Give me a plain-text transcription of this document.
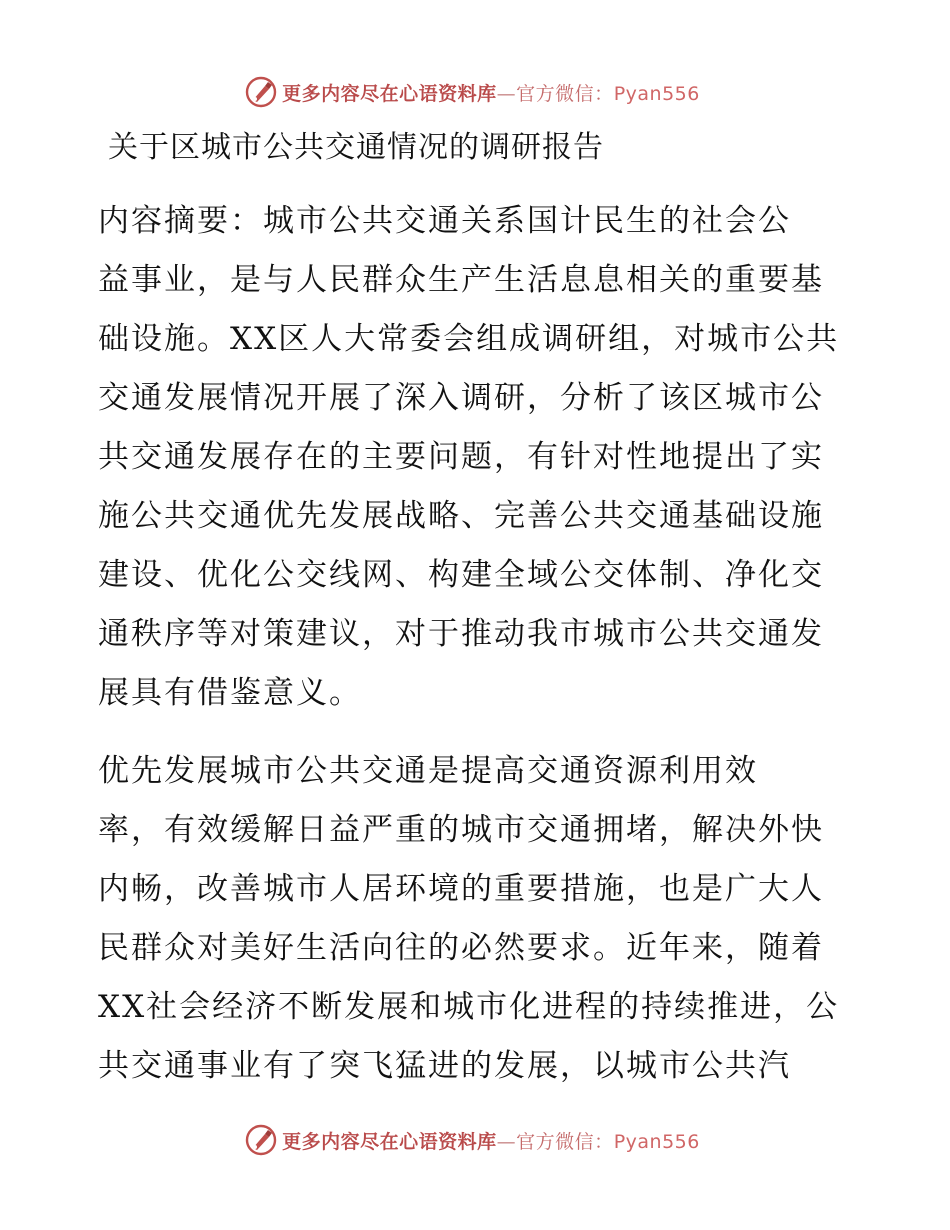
更多内容尽在心语资料库—官方微信：Pyan556
关于区城市公共交通情况的调研报告
内容摘要：城市公共交通关系国计民生的社会公
益事业，是与人民群众生产生活息息相关的重要基
础设施。XX区人大常委会组成调研组，对城市公共
交通发展情况开展了深入调研，分析了该区城市公
共交通发展存在的主要问题，有针对性地提出了实
施公共交通优先发展战略、完善公共交通基础设施
建设、优化公交线网、构建全域公交体制、净化交
通秩序等对策建议，对于推动我市城市公共交通发
展具有借鉴意义。
优先发展城市公共交通是提高交通资源利用效
率，有效缓解日益严重的城市交通拥堵，解决外快
内畅，改善城市人居环境的重要措施，也是广大人
民群众对美好生活向往的必然要求。近年来，随着
XX社会经济不断发展和城市化进程的持续推进，公
共交通事业有了突飞猛进的发展，以城市公共汽
更多内容尽在心语资料库—官方微信：Pyan556
